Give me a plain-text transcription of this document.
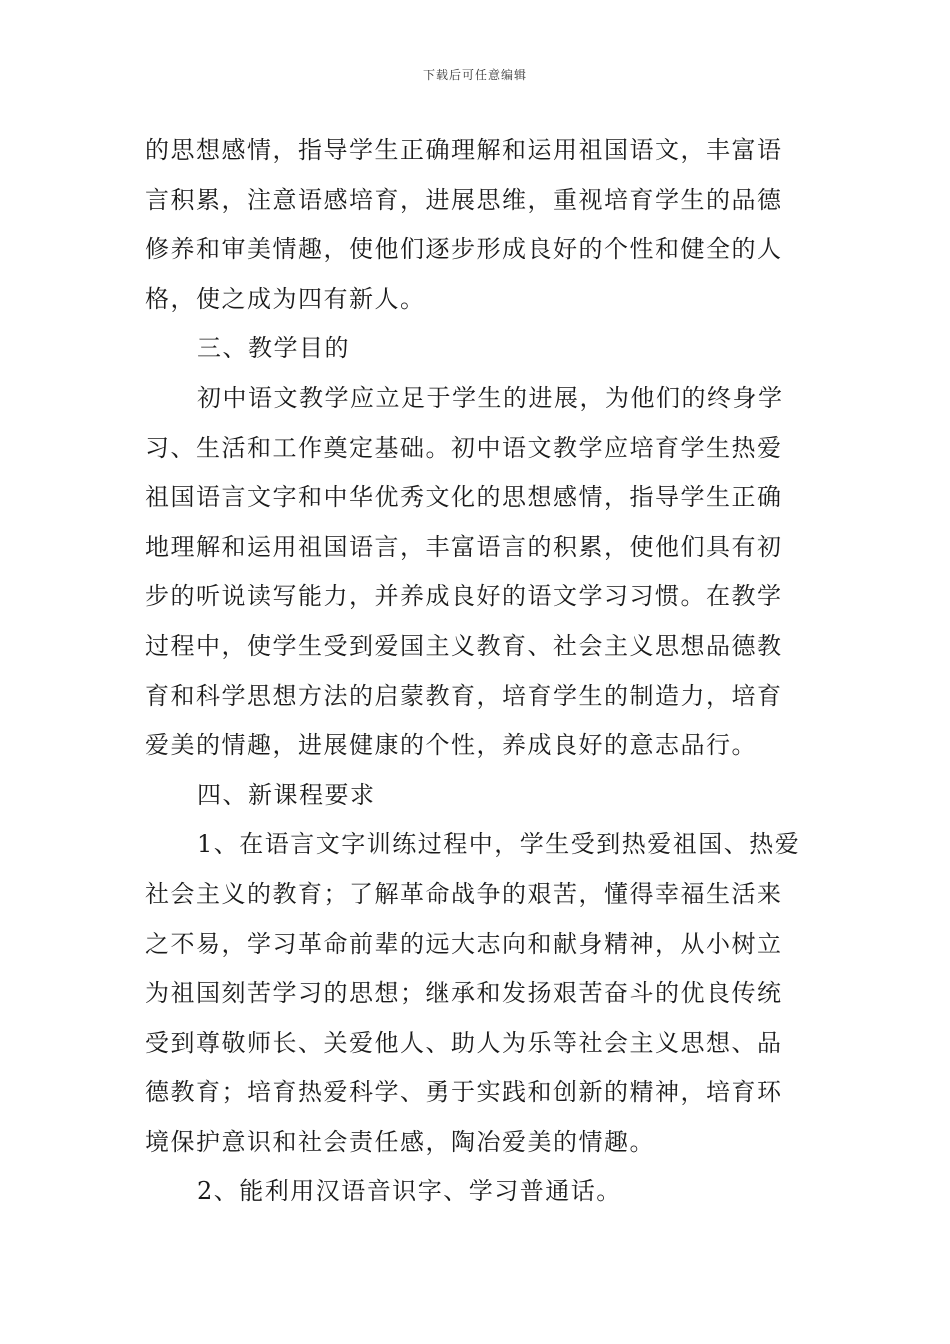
下载后可任意编辑
的思想感情，指导学生正确理解和运用祖国语文，丰富语
言积累，注意语感培育，进展思维，重视培育学生的品德
修养和审美情趣，使他们逐步形成良好的个性和健全的人
格，使之成为四有新人。
三、教学目的
初中语文教学应立足于学生的进展，为他们的终身学
习、生活和工作奠定基础。初中语文教学应培育学生热爱
祖国语言文字和中华优秀文化的思想感情，指导学生正确
地理解和运用祖国语言，丰富语言的积累，使他们具有初
步的听说读写能力，并养成良好的语文学习习惯。在教学
过程中，使学生受到爱国主义教育、社会主义思想品德教
育和科学思想方法的启蒙教育，培育学生的制造力，培育
爱美的情趣，进展健康的个性，养成良好的意志品行。
四、新课程要求
1、在语言文字训练过程中，学生受到热爱祖国、热爱
社会主义的教育；了解革命战争的艰苦，懂得幸福生活来
之不易，学习革命前辈的远大志向和献身精神，从小树立
为祖国刻苦学习的思想；继承和发扬艰苦奋斗的优良传统
受到尊敬师长、关爱他人、助人为乐等社会主义思想、品
德教育；培育热爱科学、勇于实践和创新的精神，培育环
境保护意识和社会责任感，陶冶爱美的情趣。
2、能利用汉语音识字、学习普通话。
